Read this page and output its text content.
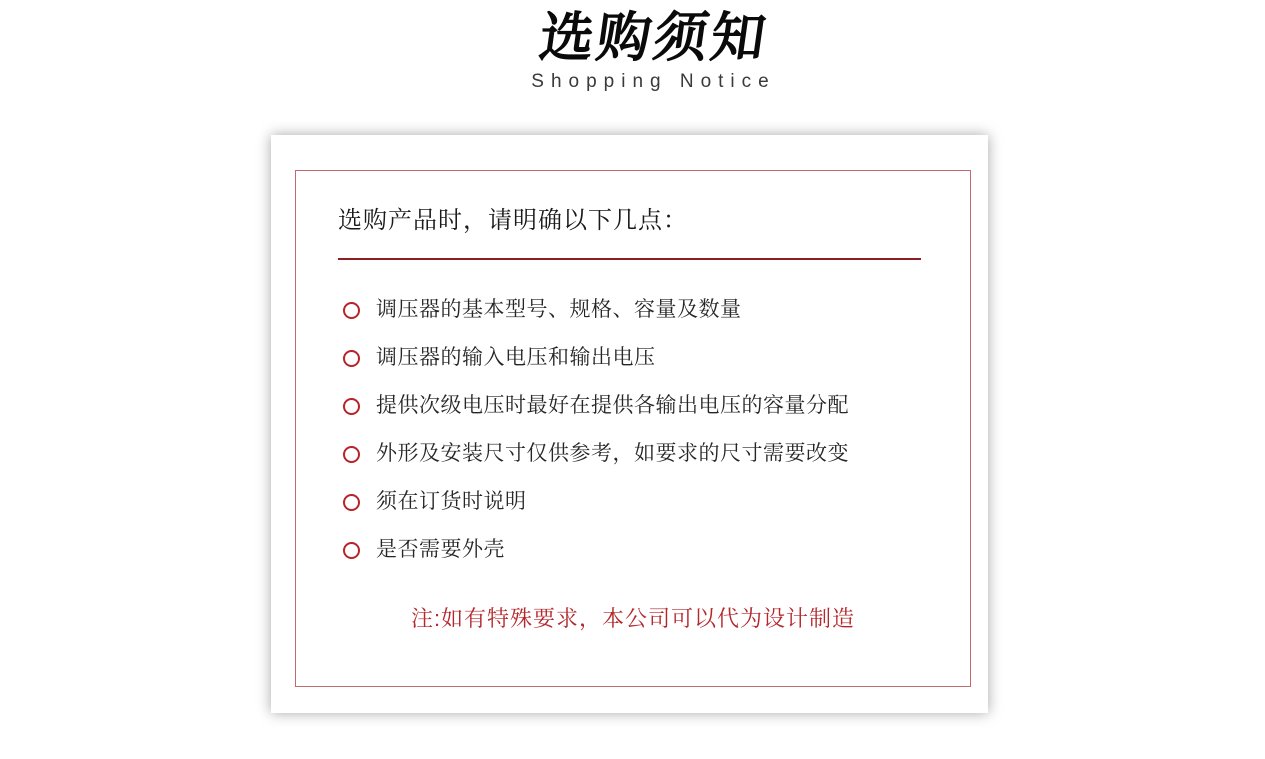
选购须知
Shopping Notice
选购产品时，请明确以下几点：
调压器的基本型号、规格、容量及数量
调压器的输入电压和输出电压
提供次级电压时最好在提供各输出电压的容量分配
外形及安装尺寸仅供参考，如要求的尺寸需要改变
须在订货时说明
是否需要外壳
注:如有特殊要求，本公司可以代为设计制造
